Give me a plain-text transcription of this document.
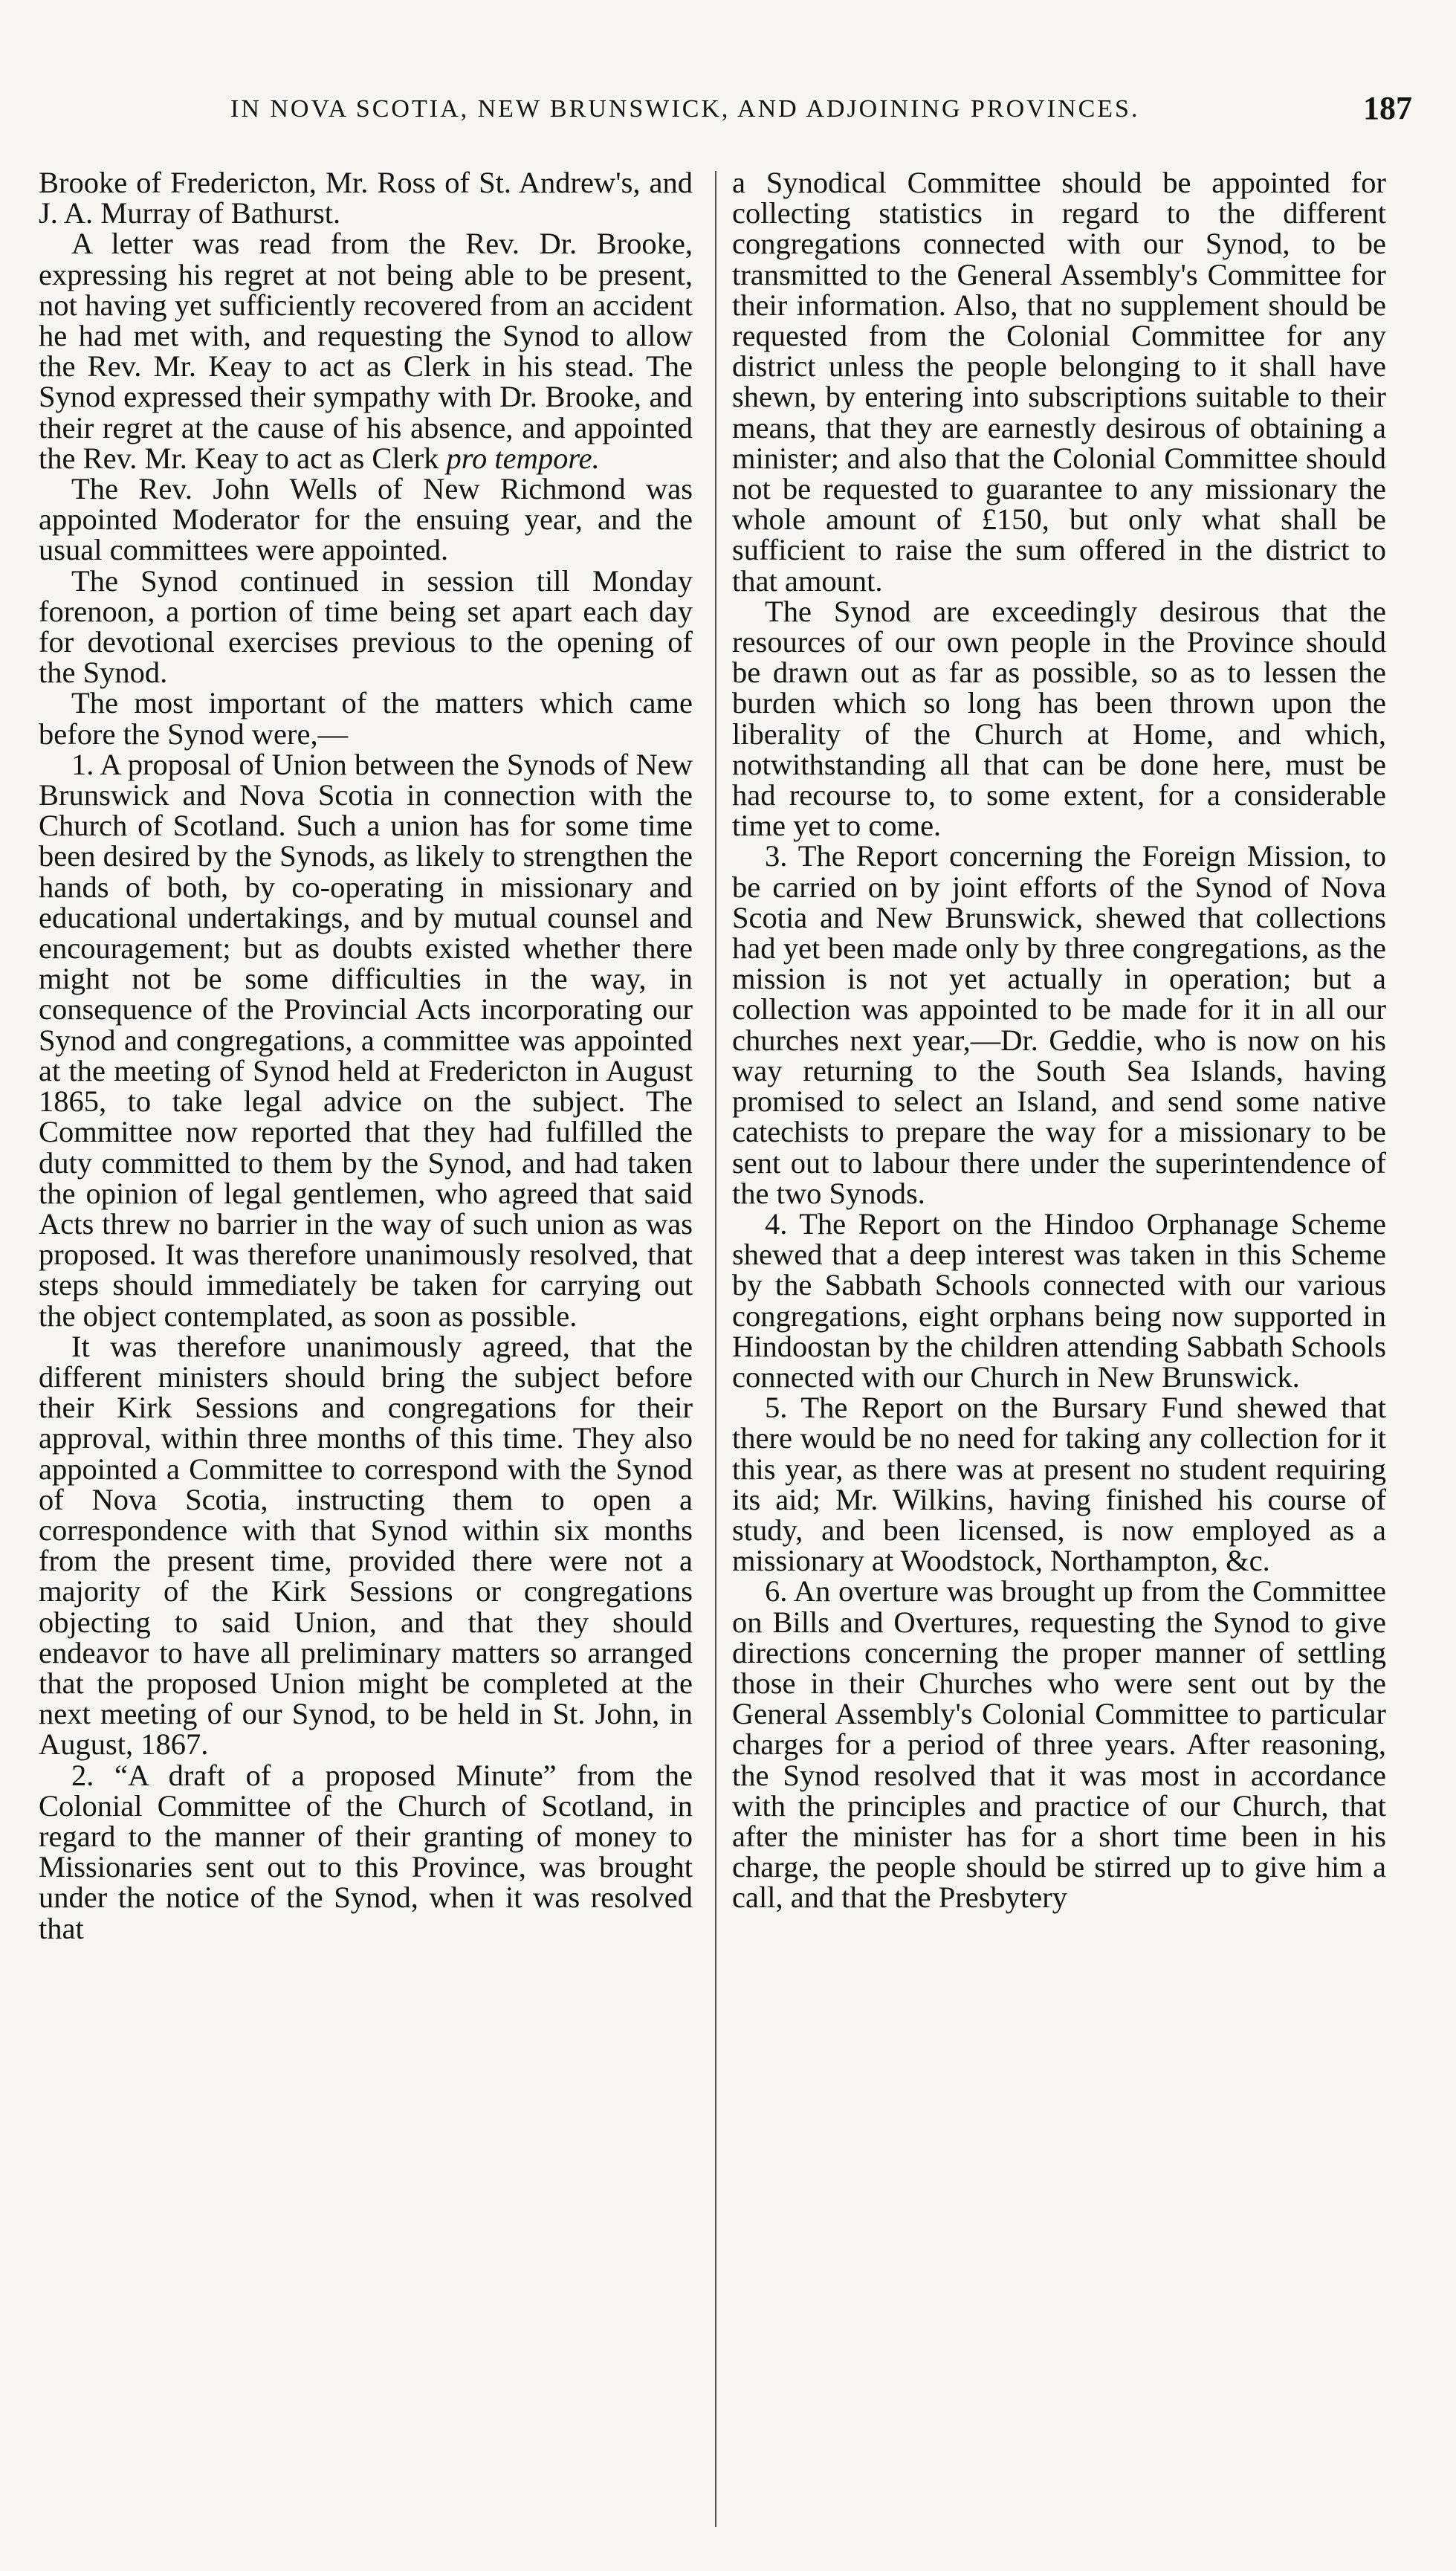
IN NOVA SCOTIA, NEW BRUNSWICK, AND ADJOINING PROVINCES.	187

Brooke of Fredericton, Mr. Ross of St. Andrew's, and J. A. Murray of Bathurst.

A letter was read from the Rev. Dr. Brooke, expressing his regret at not being able to be present, not having yet sufficiently recovered from an accident he had met with, and requesting the Synod to allow the Rev. Mr. Keay to act as Clerk in his stead. The Synod expressed their sympathy with Dr. Brooke, and their regret at the cause of his absence, and appointed the Rev. Mr. Keay to act as Clerk pro tempore.

The Rev. John Wells of New Richmond was appointed Moderator for the ensuing year, and the usual committees were appointed.

The Synod continued in session till Monday forenoon, a portion of time being set apart each day for devotional exercises previous to the opening of the Synod.

The most important of the matters which came before the Synod were,—

1. A proposal of Union between the Synods of New Brunswick and Nova Scotia in connection with the Church of Scotland. Such a union has for some time been desired by the Synods, as likely to strengthen the hands of both, by co-operating in missionary and educational undertakings, and by mutual counsel and encouragement; but as doubts existed whether there might not be some difficulties in the way, in consequence of the Provincial Acts incorporating our Synod and congregations, a committee was appointed at the meeting of Synod held at Fredericton in August 1865, to take legal advice on the subject. The Committee now reported that they had fulfilled the duty committed to them by the Synod, and had taken the opinion of legal gentlemen, who agreed that said Acts threw no barrier in the way of such union as was proposed. It was therefore unanimously resolved, that steps should immediately be taken for carrying out the object contemplated, as soon as possible.

It was therefore unanimously agreed, that the different ministers should bring the subject before their Kirk Sessions and congregations for their approval, within three months of this time. They also appointed a Committee to correspond with the Synod of Nova Scotia, instructing them to open a correspondence with that Synod within six months from the present time, provided there were not a majority of the Kirk Sessions or congregations objecting to said Union, and that they should endeavor to have all preliminary matters so arranged that the proposed Union might be completed at the next meeting of our Synod, to be held in St. John, in August, 1867.

2. “A draft of a proposed Minute” from the Colonial Committee of the Church of Scotland, in regard to the manner of their granting of money to Missionaries sent out to this Province, was brought under the notice of the Synod, when it was resolved that

a Synodical Committee should be appointed for collecting statistics in regard to the different congregations connected with our Synod, to be transmitted to the General Assembly's Committee for their information. Also, that no supplement should be requested from the Colonial Committee for any district unless the people belonging to it shall have shewn, by entering into subscriptions suitable to their means, that they are earnestly desirous of obtaining a minister; and also that the Colonial Committee should not be requested to guarantee to any missionary the whole amount of £150, but only what shall be sufficient to raise the sum offered in the district to that amount.

The Synod are exceedingly desirous that the resources of our own people in the Province should be drawn out as far as possible, so as to lessen the burden which so long has been thrown upon the liberality of the Church at Home, and which, notwithstanding all that can be done here, must be had recourse to, to some extent, for a considerable time yet to come.

3. The Report concerning the Foreign Mission, to be carried on by joint efforts of the Synod of Nova Scotia and New Brunswick, shewed that collections had yet been made only by three congregations, as the mission is not yet actually in operation; but a collection was appointed to be made for it in all our churches next year,—Dr. Geddie, who is now on his way returning to the South Sea Islands, having promised to select an Island, and send some native catechists to prepare the way for a missionary to be sent out to labour there under the superintendence of the two Synods.

4. The Report on the Hindoo Orphanage Scheme shewed that a deep interest was taken in this Scheme by the Sabbath Schools connected with our various congregations, eight orphans being now supported in Hindoostan by the children attending Sabbath Schools connected with our Church in New Brunswick.

5. The Report on the Bursary Fund shewed that there would be no need for taking any collection for it this year, as there was at present no student requiring its aid; Mr. Wilkins, having finished his course of study, and been licensed, is now employed as a missionary at Woodstock, Northampton, &c.

6. An overture was brought up from the Committee on Bills and Overtures, requesting the Synod to give directions concerning the proper manner of settling those in their Churches who were sent out by the General Assembly's Colonial Committee to particular charges for a period of three years. After reasoning, the Synod resolved that it was most in accordance with the principles and practice of our Church, that after the minister has for a short time been in his charge, the people should be stirred up to give him a call, and that the Presbytery
